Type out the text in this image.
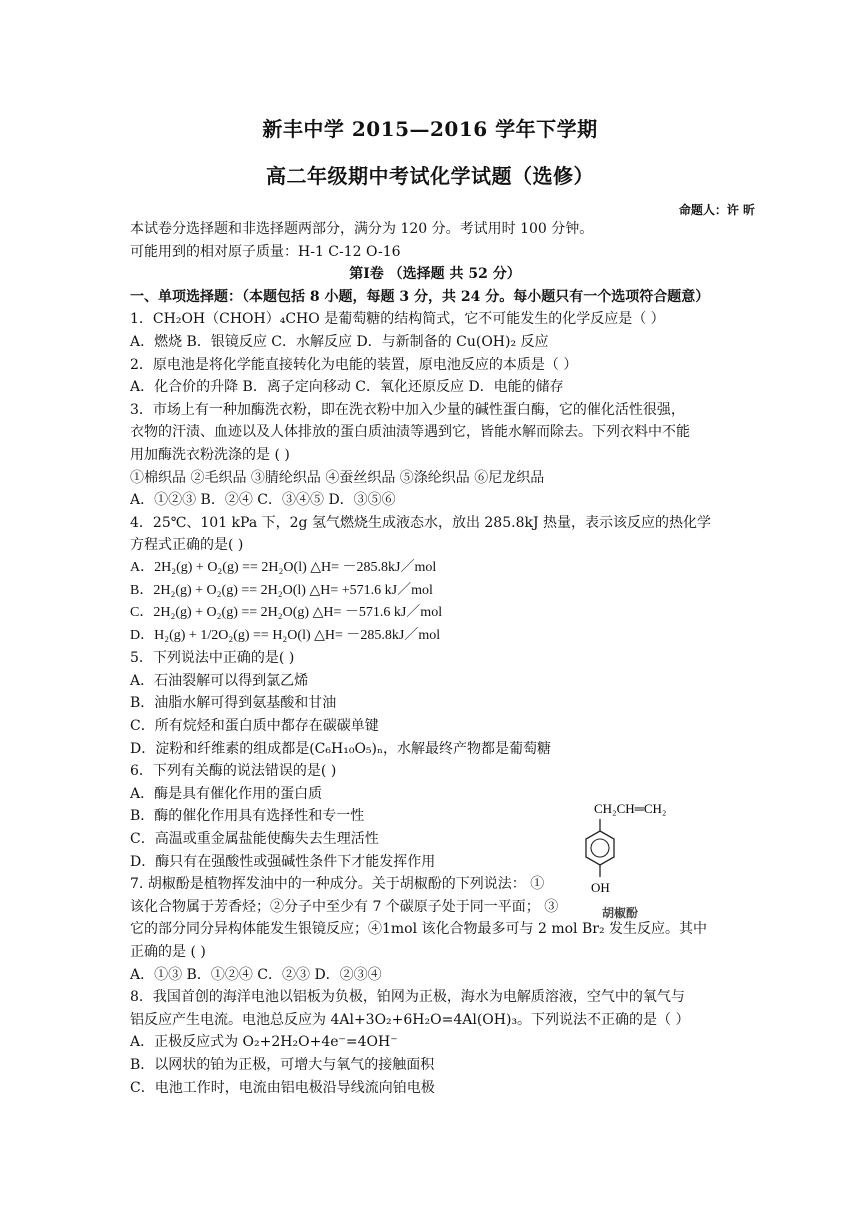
新丰中学 2015—2016 学年下学期
高二年级期中考试化学试题（选修）
命题人：许 昕

本试卷分选择题和非选择题两部分，满分为 120 分。考试用时 100 分钟。

可能用到的相对原子质量：H-1 C-12 O-16

第Ⅰ卷 （选择题 共 52 分）

一、单项选择题：（本题包括 8 小题，每题 3 分，共 24 分。每小题只有一个选项符合题意）

1．CH₂OH（CHOH）₄CHO 是葡萄糖的结构简式，它不可能发生的化学反应是（ ）

A．燃烧 B．银镜反应 C．水解反应 D．与新制备的 Cu(OH)₂ 反应

2．原电池是将化学能直接转化为电能的装置，原电池反应的本质是（ ）

A．化合价的升降 B．离子定向移动 C．氧化还原反应 D．电能的储存

3．市场上有一种加酶洗衣粉，即在洗衣粉中加入少量的碱性蛋白酶，它的催化活性很强，

衣物的汗渍、血迹以及人体排放的蛋白质油渍等遇到它，皆能水解而除去。下列衣料中不能

用加酶洗衣粉洗涤的是 ( )

①棉织品 ②毛织品 ③腈纶织品 ④蚕丝织品 ⑤涤纶织品 ⑥尼龙织品

A．①②③ B．②④ C．③④⑤ D．③⑤⑥

4．25℃、101 kPa 下，2g 氢气燃烧生成液态水，放出 285.8kJ 热量，表示该反应的热化学

方程式正确的是( )

A．2H₂(g) + O₂(g) == 2H₂O(l) △H= －285.8kJ／mol

B．2H₂(g) + O₂(g) == 2H₂O(l) △H= +571.6 kJ／mol

C．2H₂(g) + O₂(g) == 2H₂O(g) △H= －571.6 kJ／mol

D．H₂(g) + 1/2O₂(g) == H₂O(l) △H= －285.8kJ／mol

5．下列说法中正确的是( )

A．石油裂解可以得到氯乙烯

B．油脂水解可得到氨基酸和甘油

C．所有烷烃和蛋白质中都存在碳碳单键

D．淀粉和纤维素的组成都是(C₆H₁₀O₅)ₙ，水解最终产物都是葡萄糖

6．下列有关酶的说法错误的是( )

A．酶是具有催化作用的蛋白质

B．酶的催化作用具有选择性和专一性

C．高温或重金属盐能使酶失去生理活性

D．酶只有在强酸性或强碱性条件下才能发挥作用

7. 胡椒酚是植物挥发油中的一种成分。关于胡椒酚的下列说法： ①

该化合物属于芳香烃；②分子中至少有 7 个碳原子处于同一平面； ③

它的部分同分异构体能发生银镜反应；④1mol 该化合物最多可与 2 mol Br₂ 发生反应。其中

正确的是 ( )

A．①③ B．①②④ C．②③ D．②③④

8．我国首创的海洋电池以铝板为负极，铂网为正极，海水为电解质溶液，空气中的氧气与

铝反应产生电流。电池总反应为 4Al+3O₂+6H₂O=4Al(OH)₃。下列说法不正确的是（ ）

A．正极反应式为 O₂+2H₂O+4e⁻=4OH⁻

B．以网状的铂为正极，可增大与氧气的接触面积

C．电池工作时，电流由铝电极沿导线流向铂电极

CH₂CH═CH₂
OH
胡椒酚
